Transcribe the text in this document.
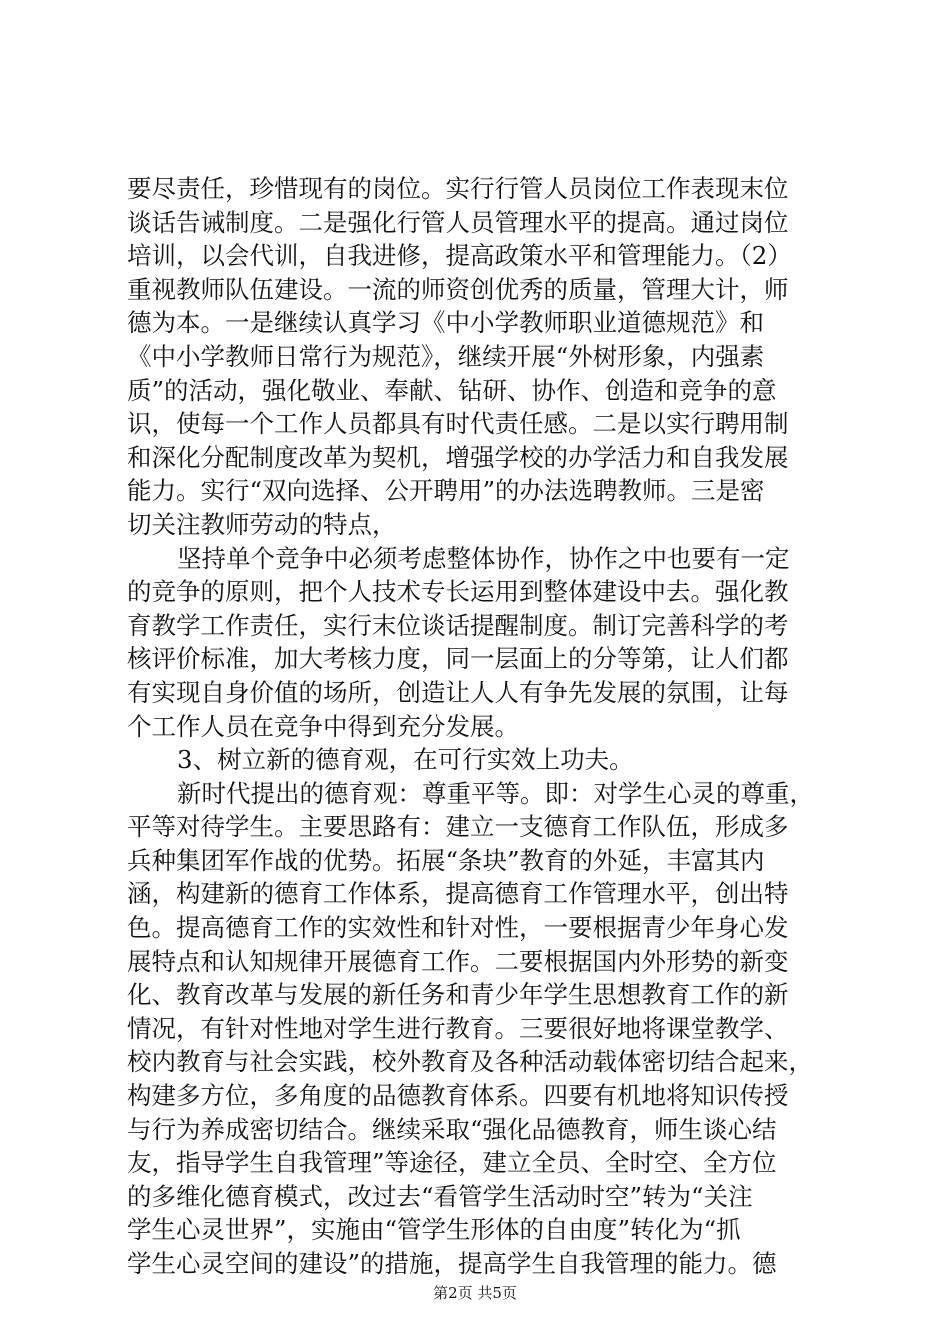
要尽责任，珍惜现有的岗位。实行行管人员岗位工作表现末位
谈话告诫制度。二是强化行管人员管理水平的提高。通过岗位
培训，以会代训，自我进修，提高政策水平和管理能力。（2）
重视教师队伍建设。一流的师资创优秀的质量，管理大计，师
德为本。一是继续认真学习《中小学教师职业道德规范》和
《中小学教师日常行为规范》，继续开展“外树形象，内强素
质”的活动，强化敬业、奉献、钻研、协作、创造和竞争的意
识，使每一个工作人员都具有时代责任感。二是以实行聘用制
和深化分配制度改革为契机，增强学校的办学活力和自我发展
能力。实行“双向选择、公开聘用”的办法选聘教师。三是密
切关注教师劳动的特点，
坚持单个竞争中必须考虑整体协作，协作之中也要有一定
的竞争的原则，把个人技术专长运用到整体建设中去。强化教
育教学工作责任，实行末位谈话提醒制度。制订完善科学的考
核评价标准，加大考核力度，同一层面上的分等第，让人们都
有实现自身价值的场所，创造让人人有争先发展的氛围，让每
个工作人员在竞争中得到充分发展。
3、树立新的德育观，在可行实效上功夫。
新时代提出的德育观：尊重平等。即：对学生心灵的尊重，
平等对待学生。主要思路有：建立一支德育工作队伍，形成多
兵种集团军作战的优势。拓展“条块”教育的外延，丰富其内
涵，构建新的德育工作体系，提高德育工作管理水平，创出特
色。提高德育工作的实效性和针对性，一要根据青少年身心发
展特点和认知规律开展德育工作。二要根据国内外形势的新变
化、教育改革与发展的新任务和青少年学生思想教育工作的新
情况，有针对性地对学生进行教育。三要很好地将课堂教学、
校内教育与社会实践，校外教育及各种活动载体密切结合起来，
构建多方位，多角度的品德教育体系。四要有机地将知识传授
与行为养成密切结合。继续采取“强化品德教育，师生谈心结
友，指导学生自我管理”等途径，建立全员、全时空、全方位
的多维化德育模式，改过去“看管学生活动时空”转为“关注
学生心灵世界”，实施由“管学生形体的自由度”转化为“抓
学生心灵空间的建设”的措施，提高学生自我管理的能力。德
第2页 共5页
